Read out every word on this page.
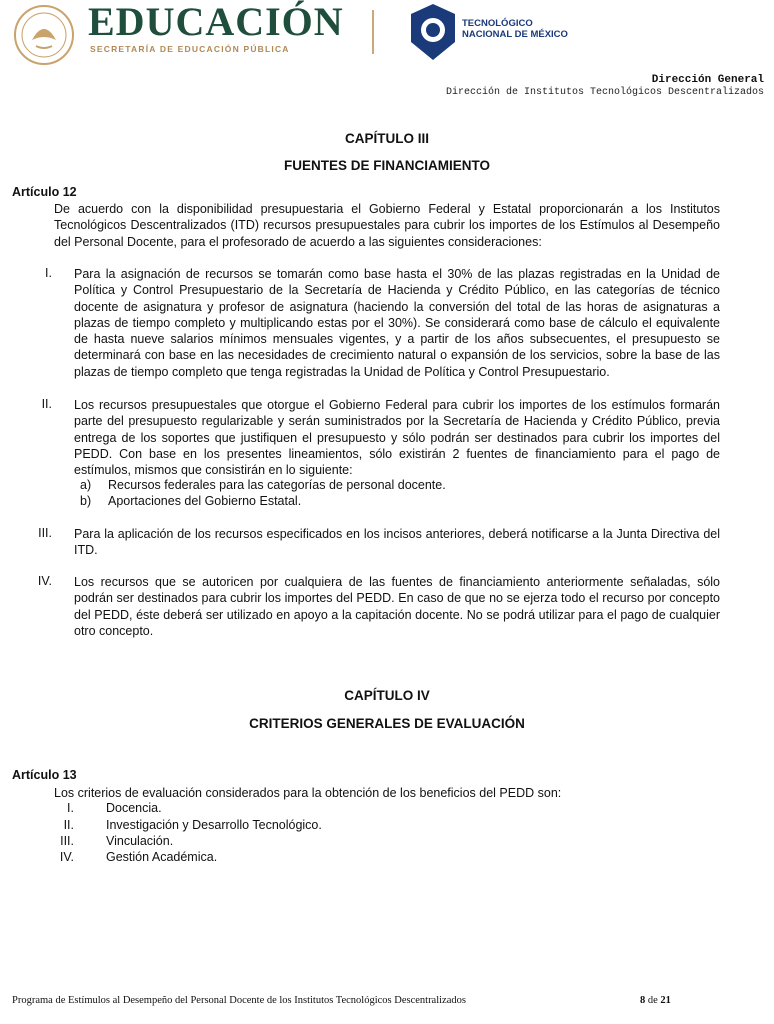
EDUCACIÓN
SECRETARÍA DE EDUCACIÓN PÚBLICA
TECNOLÓGICO
NACIONAL DE MÉXICO
Dirección General
Dirección de Institutos Tecnológicos Descentralizados
CAPÍTULO III
FUENTES DE FINANCIAMIENTO
Artículo 12
De acuerdo con la disponibilidad presupuestaria el Gobierno Federal y Estatal proporcionarán a los Institutos Tecnológicos Descentralizados (ITD) recursos presupuestales para cubrir los importes de los Estímulos al Desempeño del Personal Docente, para el profesorado de acuerdo a las siguientes consideraciones:
I. Para la asignación de recursos se tomarán como base hasta el 30% de las plazas registradas en la Unidad de Política y Control Presupuestario de la Secretaría de Hacienda y Crédito Público, en las categorías de técnico docente de asignatura y profesor de asignatura (haciendo la conversión del total de las horas de asignaturas a plazas de tiempo completo y multiplicando estas por el 30%). Se considerará como base de cálculo el equivalente de hasta nueve salarios mínimos mensuales vigentes, y a partir de los años subsecuentes, el presupuesto se determinará con base en las necesidades de crecimiento natural o expansión de los servicios, sobre la base de las plazas de tiempo completo que tenga registradas la Unidad de Política y Control Presupuestario.
II. Los recursos presupuestales que otorgue el Gobierno Federal para cubrir los importes de los estímulos formarán parte del presupuesto regularizable y serán suministrados por la Secretaría de Hacienda y Crédito Público, previa entrega de los soportes que justifiquen el presupuesto y sólo podrán ser destinados para cubrir los importes del PEDD. Con base en los presentes lineamientos, sólo existirán 2 fuentes de financiamiento para el pago de estímulos, mismos que consistirán en lo siguiente:
a) Recursos federales para las categorías de personal docente.
b) Aportaciones del Gobierno Estatal.
III. Para la aplicación de los recursos especificados en los incisos anteriores, deberá notificarse a la Junta Directiva del ITD.
IV. Los recursos que se autoricen por cualquiera de las fuentes de financiamiento anteriormente señaladas, sólo podrán ser destinados para cubrir los importes del PEDD. En caso de que no se ejerza todo el recurso por concepto del PEDD, éste deberá ser utilizado en apoyo a la capitación docente. No se podrá utilizar para el pago de cualquier otro concepto.
CAPÍTULO IV
CRITERIOS GENERALES DE EVALUACIÓN
Artículo 13
Los criterios de evaluación considerados para la obtención de los beneficios del PEDD son:
I.	Docencia.
II.	Investigación y Desarrollo Tecnológico.
III.	Vinculación.
IV.	Gestión Académica.
Programa de Estímulos al Desempeño del Personal Docente de los Institutos Tecnológicos Descentralizados	8 de 21
